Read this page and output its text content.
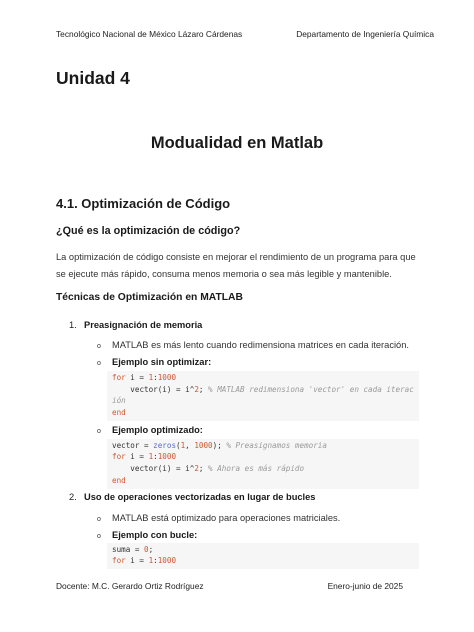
Tecnológico Nacional de México Lázaro Cárdenas	Departamento de Ingeniería Química
Unidad 4
Modualidad en Matlab
4.1. Optimización de Código
¿Qué es la optimización de código?
La optimización de código consiste en mejorar el rendimiento de un programa para que se ejecute más rápido, consuma menos memoria o sea más legible y mantenible.
Técnicas de Optimización en MATLAB
1. Preasignación de memoria
o MATLAB es más lento cuando redimensiona matrices en cada iteración.
o Ejemplo sin optimizar:
for i = 1:1000
vector(i) = i^2; % MATLAB redimensiona 'vector' en cada iterac
ión
end
o Ejemplo optimizado:
vector = zeros(1, 1000); % Preasignamos memoria
for i = 1:1000
vector(i) = i^2; % Ahora es más rápido
end
2. Uso de operaciones vectorizadas en lugar de bucles
o MATLAB está optimizado para operaciones matriciales.
o Ejemplo con bucle:
suma = 0;
for i = 1:1000
Docente: M.C. Gerardo Ortiz Rodríguez	Enero-junio de 2025
